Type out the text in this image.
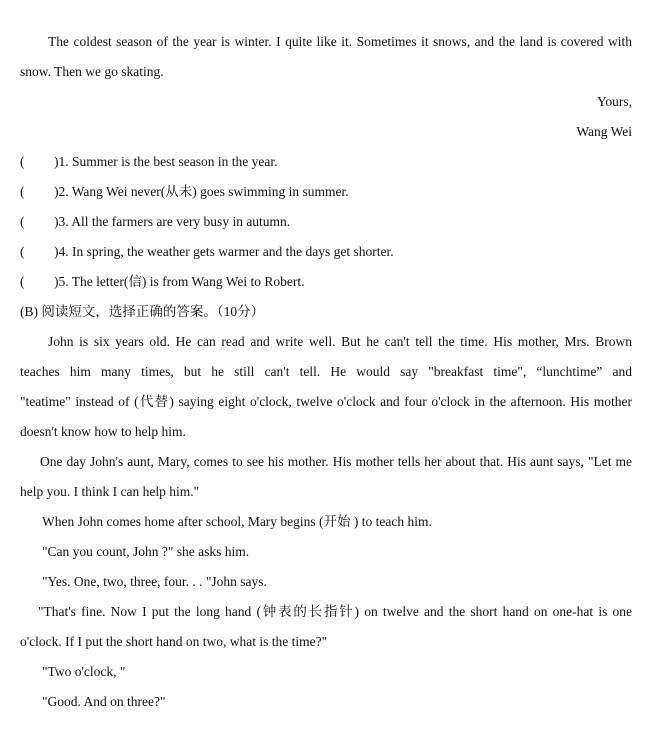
The coldest season of the year is winter. I quite like it. Sometimes it snows, and the land is covered with
snow. Then we go skating.
Yours,
Wang Wei
(	)1. Summer is the best season in the year.
(	)2. Wang Wei never(从未) goes swimming in summer.
(	)3. All the farmers are very busy in autumn.
(	)4. In spring, the weather gets warmer and the days get shorter.
(	)5. The letter(信) is from Wang Wei to Robert.
(B) 阅读短文，选择正确的答案。（10分）
John is six years old. He can read and write well. But he can't tell the time. His mother, Mrs. Brown
teaches him many times, but he still can't tell. He would say "breakfast time", “lunchtime” and
"teatime" instead of (代替) saying eight o'clock, twelve o'clock and four o'clock in the afternoon. His mother
doesn't know how to help him.
One day John's aunt, Mary, comes to see his mother. His mother tells her about that. His aunt says, "Let me
help you. I think I can help him."
When John comes home after school, Mary begins (开始 ) to teach him.
"Can you count, John ?" she asks him.
"Yes. One, two, three, four. . . "John says.
"That's fine. Now I put the long hand (钟表的长指针) on twelve and the short hand on one-hat is one
o'clock. If I put the short hand on two, what is the time?"
"Two o'clock, "
"Good. And on three?"
